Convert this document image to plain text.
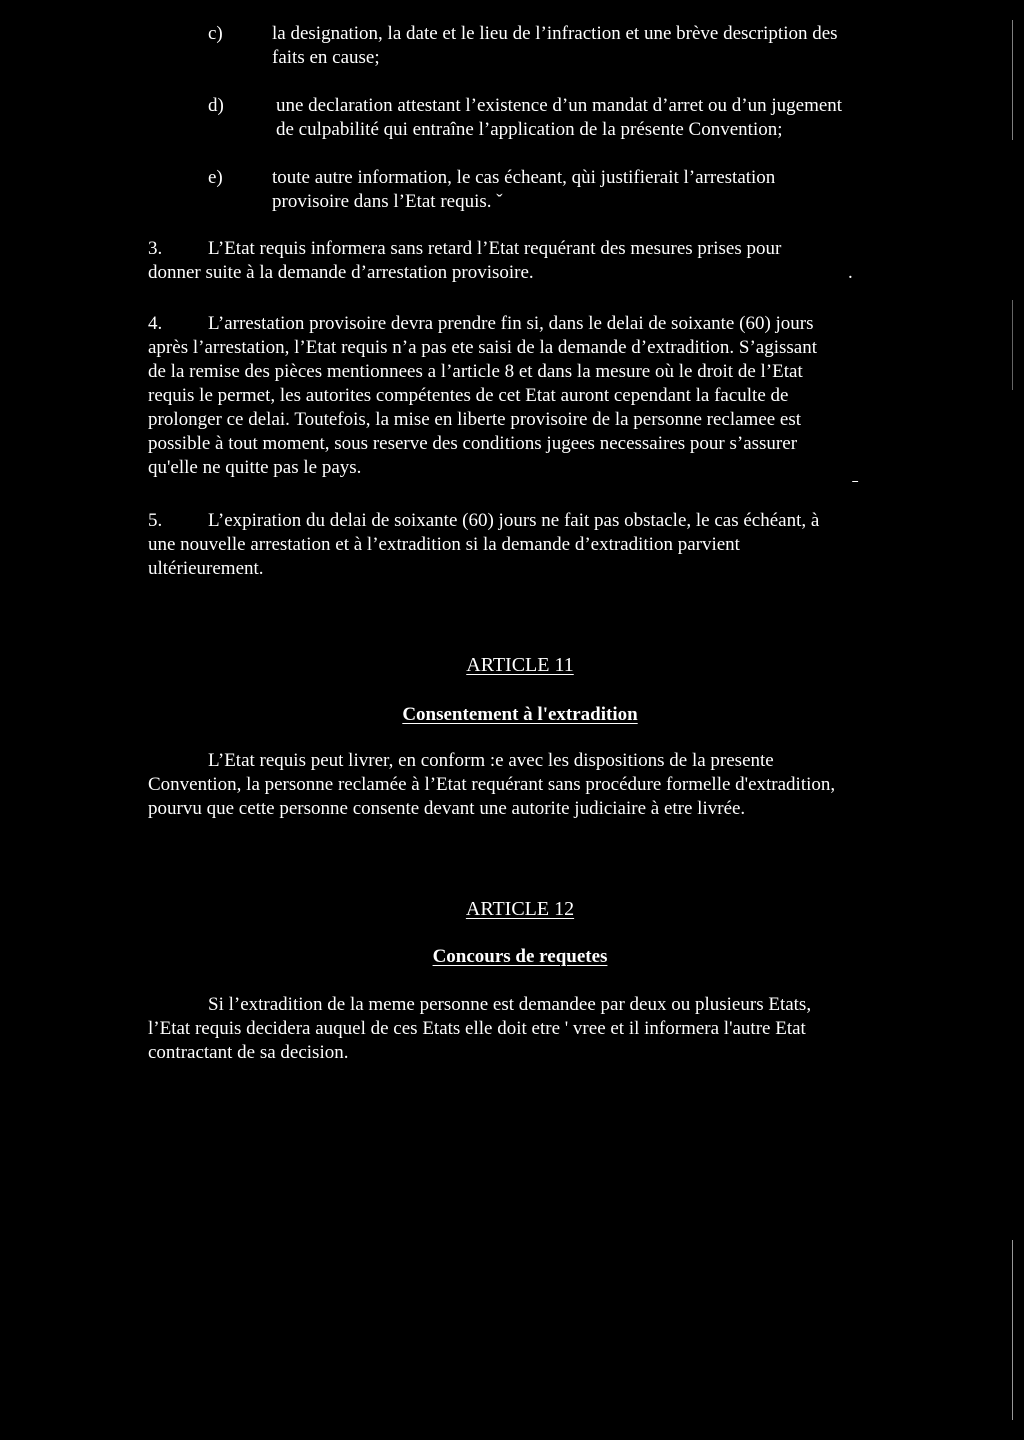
c)	la designation, la date et le lieu de l’infraction et une brève description des
faits en cause;
d)	une declaration attestant l’existence d’un mandat d’arret ou d’un jugement
de culpabilité qui entraîne l’application de la présente Convention;
e)	toute autre information, le cas écheant, qùi justifierait l’arrestation
provisoire dans l’Etat requis. ˇ
3. L’Etat requis informera sans retard l’Etat requérant des mesures prises pour
donner suite à la demande d’arrestation provisoire.	.
4. L’arrestation provisoire devra prendre fin si, dans le delai de soixante (60) jours
après l’arrestation, l’Etat requis n’a pas ete saisi de la demande d’extradition. S’agissant
de la remise des pièces mentionnees a l’article 8 et dans la mesure où le droit de l’Etat
requis le permet, les autorites compétentes de cet Etat auront cependant la faculte de
prolonger ce delai. Toutefois, la mise en liberte provisoire de la personne reclamee est
possible à tout moment, sous reserve des conditions jugees necessaires pour s’assurer
qu'elle ne quitte pas le pays.
˗
5. L’expiration du delai de soixante (60) jours ne fait pas obstacle, le cas échéant, à
une nouvelle arrestation et à l’extradition si la demande d’extradition parvient
ultérieurement.
ARTICLE 11
Consentement à l'extradition
L’Etat requis peut livrer, en conform :e avec les dispositions de la presente
Convention, la personne reclamée à l’Etat requérant sans procédure formelle d'extradition,
pourvu que cette personne consente devant une autorite judiciaire à etre livrée.
ARTICLE 12
Concours de requetes
Si l’extradition de la meme personne est demandee par deux ou plusieurs Etats,
l’Etat requis decidera auquel de ces Etats elle doit etre ' vree et il informera l'autre Etat
contractant de sa decision.
